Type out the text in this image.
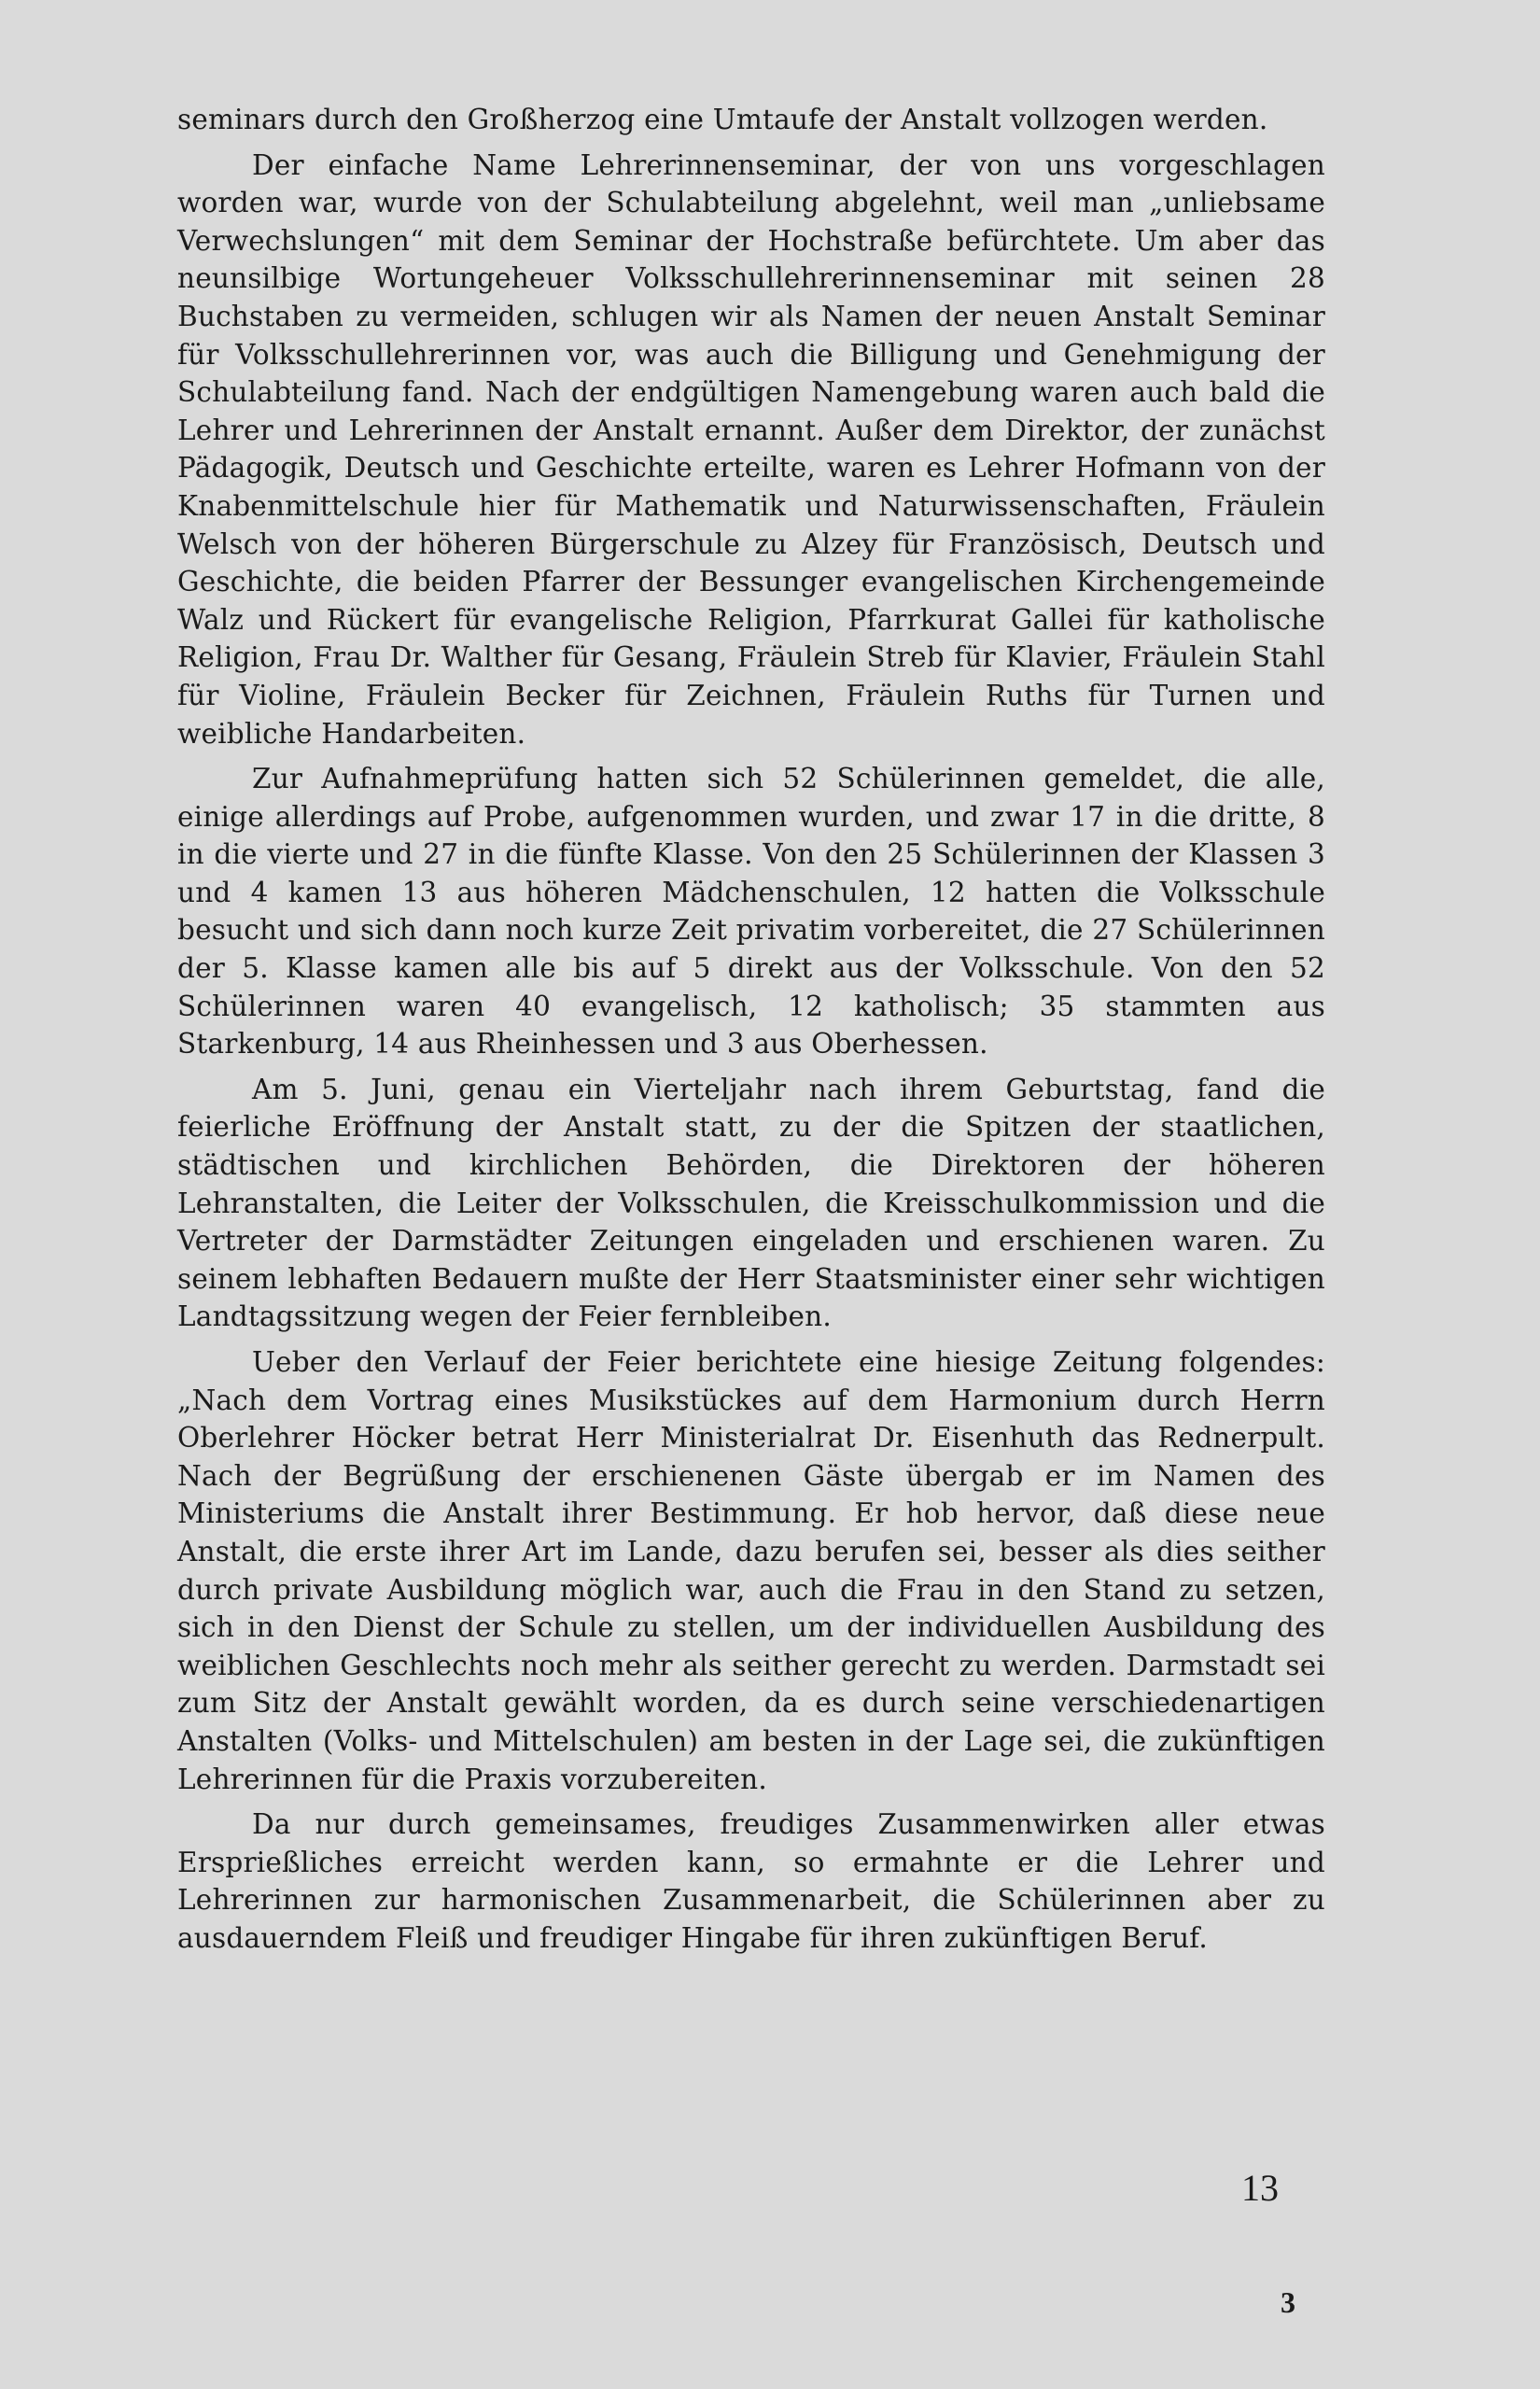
seminars durch den Großherzog eine Umtaufe der Anstalt vollzogen werden.

Der einfache Name Lehrerinnenseminar, der von uns vorgeschlagen worden war, wurde von der Schulabteilung abgelehnt, weil man „unliebsame Verwechslungen“ mit dem Seminar der Hochstraße befürchtete. Um aber das neunsilbige Wortungeheuer Volksschullehrerinnenseminar mit seinen 28 Buchstaben zu vermeiden, schlugen wir als Namen der neuen Anstalt Seminar für Volksschullehrerinnen vor, was auch die Billigung und Genehmigung der Schulabteilung fand. Nach der endgültigen Namengebung waren auch bald die Lehrer und Lehrerinnen der Anstalt ernannt. Außer dem Direktor, der zunächst Pädagogik, Deutsch und Geschichte erteilte, waren es Lehrer Hofmann von der Knabenmittelschule hier für Mathematik und Naturwissenschaften, Fräulein Welsch von der höheren Bürgerschule zu Alzey für Französisch, Deutsch und Geschichte, die beiden Pfarrer der Bessunger evangelischen Kirchengemeinde Walz und Rückert für evangelische Religion, Pfarrkurat Gallei für katholische Religion, Frau Dr. Walther für Gesang, Fräulein Streb für Klavier, Fräulein Stahl für Violine, Fräulein Becker für Zeichnen, Fräulein Ruths für Turnen und weibliche Handarbeiten.

Zur Aufnahmeprüfung hatten sich 52 Schülerinnen gemeldet, die alle, einige allerdings auf Probe, aufgenommen wurden, und zwar 17 in die dritte, 8 in die vierte und 27 in die fünfte Klasse. Von den 25 Schülerinnen der Klassen 3 und 4 kamen 13 aus höheren Mädchenschulen, 12 hatten die Volksschule besucht und sich dann noch kurze Zeit privatim vorbereitet, die 27 Schülerinnen der 5. Klasse kamen alle bis auf 5 direkt aus der Volksschule. Von den 52 Schülerinnen waren 40 evangelisch, 12 katholisch; 35 stammten aus Starkenburg, 14 aus Rheinhessen und 3 aus Oberhessen.

Am 5. Juni, genau ein Vierteljahr nach ihrem Geburtstag, fand die feierliche Eröffnung der Anstalt statt, zu der die Spitzen der staatlichen, städtischen und kirchlichen Behörden, die Direktoren der höheren Lehranstalten, die Leiter der Volksschulen, die Kreisschulkommission und die Vertreter der Darmstädter Zeitungen eingeladen und erschienen waren. Zu seinem lebhaften Bedauern mußte der Herr Staatsminister einer sehr wichtigen Landtagssitzung wegen der Feier fernbleiben.

Ueber den Verlauf der Feier berichtete eine hiesige Zeitung folgendes: „Nach dem Vortrag eines Musikstückes auf dem Harmonium durch Herrn Oberlehrer Höcker betrat Herr Ministerialrat Dr. Eisenhuth das Rednerpult. Nach der Begrüßung der erschienenen Gäste übergab er im Namen des Ministeriums die Anstalt ihrer Bestimmung. Er hob hervor, daß diese neue Anstalt, die erste ihrer Art im Lande, dazu berufen sei, besser als dies seither durch private Ausbildung möglich war, auch die Frau in den Stand zu setzen, sich in den Dienst der Schule zu stellen, um der individuellen Ausbildung des weiblichen Geschlechts noch mehr als seither gerecht zu werden. Darmstadt sei zum Sitz der Anstalt gewählt worden, da es durch seine verschiedenartigen Anstalten (Volks- und Mittelschulen) am besten in der Lage sei, die zukünftigen Lehrerinnen für die Praxis vorzubereiten.

Da nur durch gemeinsames, freudiges Zusammenwirken aller etwas Ersprießliches erreicht werden kann, so ermahnte er die Lehrer und Lehrerinnen zur harmonischen Zusammenarbeit, die Schülerinnen aber zu ausdauerndem Fleiß und freudiger Hingabe für ihren zukünftigen Beruf.

13
3
